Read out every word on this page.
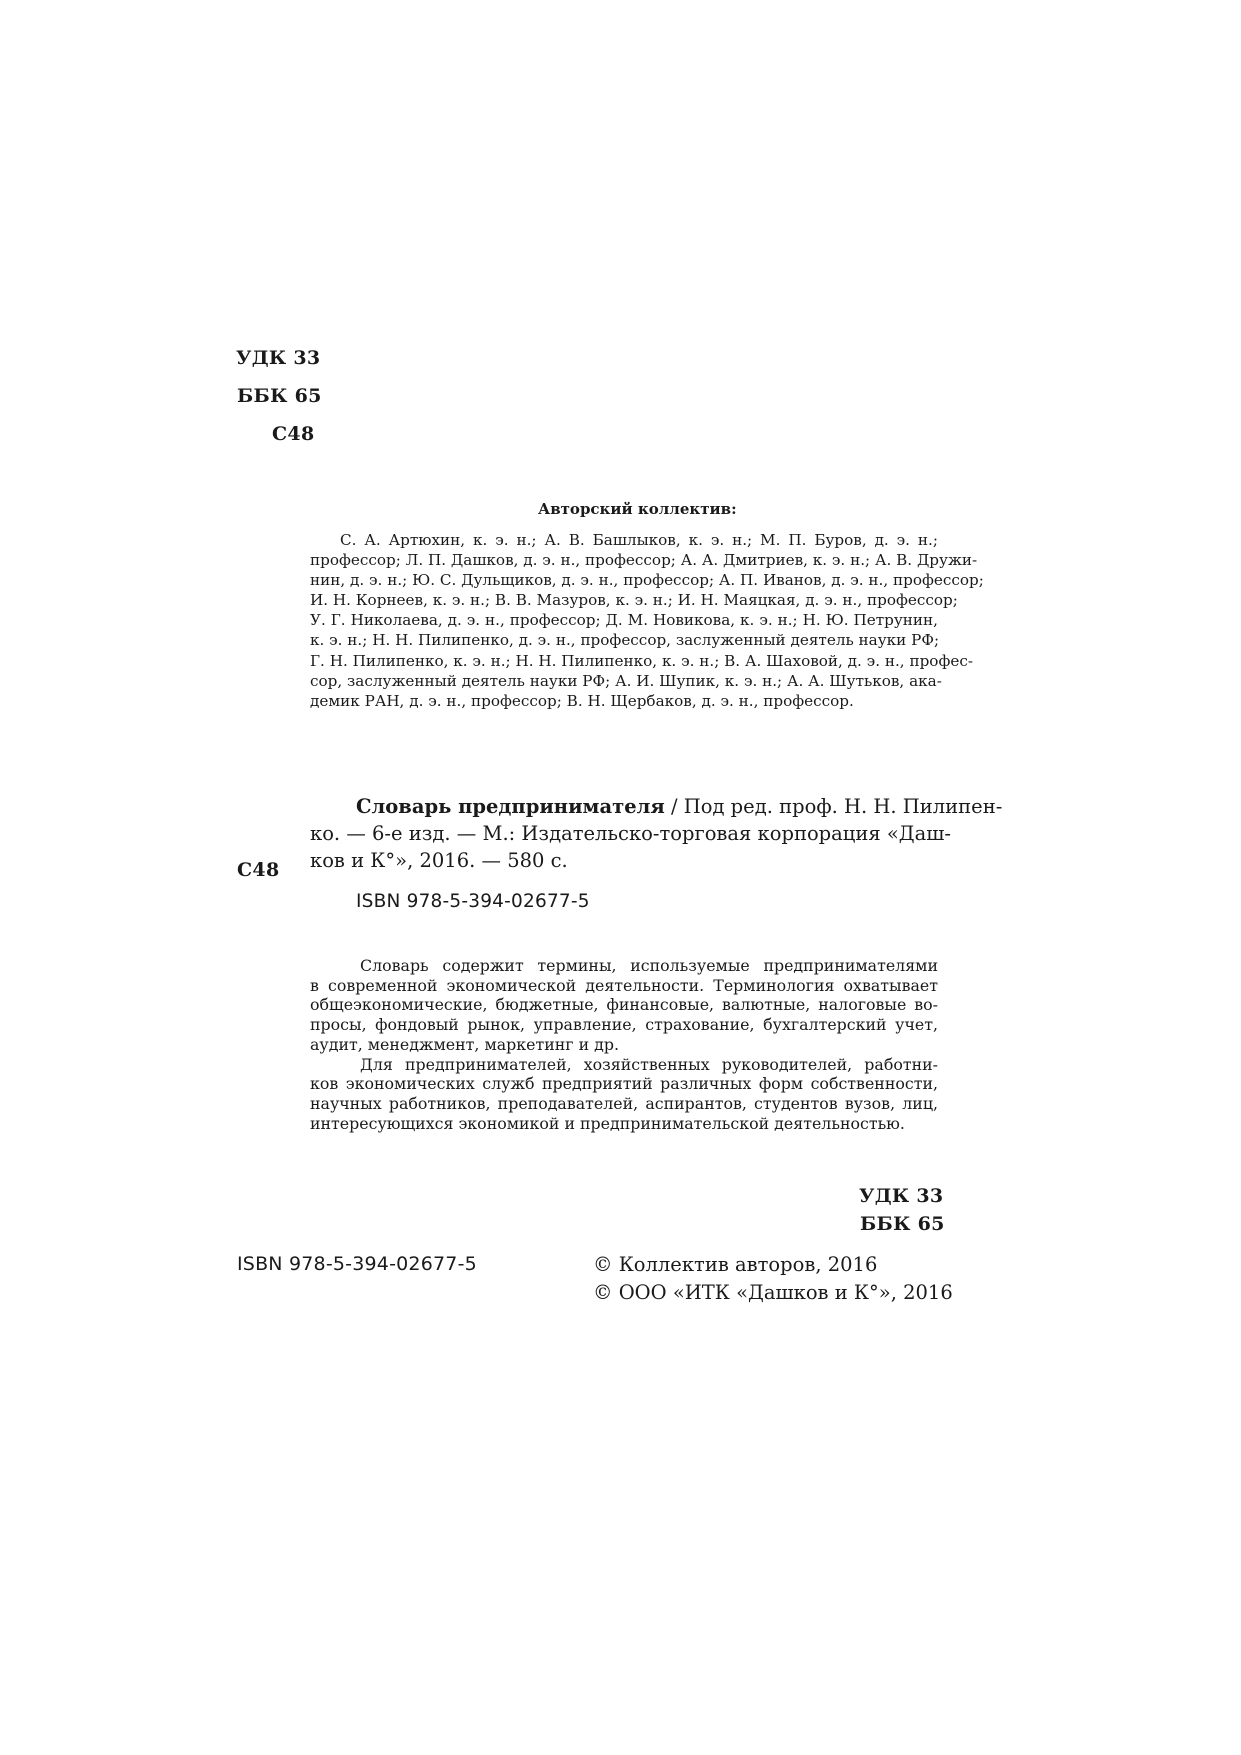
УДК 33
ББК 65
С48
Авторский коллектив:
С. А. Артюхин, к. э. н.; А. В. Башлыков, к. э. н.; М. П. Буров, д. э. н.;
профессор; Л. П. Дашков, д. э. н., профессор; А. А. Дмитриев, к. э. н.; А. В. Дружи-
нин, д. э. н.; Ю. С. Дульщиков, д. э. н., профессор; А. П. Иванов, д. э. н., профессор;
И. Н. Корнеев, к. э. н.; В. В. Мазуров, к. э. н.; И. Н. Маяцкая, д. э. н., профессор;
У. Г. Николаева, д. э. н., профессор; Д. М. Новикова, к. э. н.; Н. Ю. Петрунин,
к. э. н.; Н. Н. Пилипенко, д. э. н., профессор, заслуженный деятель науки РФ;
Г. Н. Пилипенко, к. э. н.; Н. Н. Пилипенко, к. э. н.; В. А. Шаховой, д. э. н., профес-
сор, заслуженный деятель науки РФ; А. И. Шупик, к. э. н.; А. А. Шутьков, ака-
демик РАН, д. э. н., профессор; В. Н. Щербаков, д. э. н., профессор.
С48
Словарь предпринимателя / Под ред. проф. Н. Н. Пилипен-
ко. — 6-е изд. — М.: Издательско-торговая корпорация «Даш-
ков и К°», 2016. — 580 с.
ISBN 978-5-394-02677-5
Словарь содержит термины, используемые предпринимателями
в современной экономической деятельности. Терминология охватывает
общеэкономические, бюджетные, финансовые, валютные, налоговые во-
просы, фондовый рынок, управление, страхование, бухгалтерский учет,
аудит, менеджмент, маркетинг и др.
Для предпринимателей, хозяйственных руководителей, работни-
ков экономических служб предприятий различных форм собственности,
научных работников, преподавателей, аспирантов, студентов вузов, лиц,
интересующихся экономикой и предпринимательской деятельностью.
УДК 33
ББК 65
ISBN 978-5-394-02677-5	© Коллектив авторов, 2016
© ООО «ИТК «Дашков и К°», 2016
